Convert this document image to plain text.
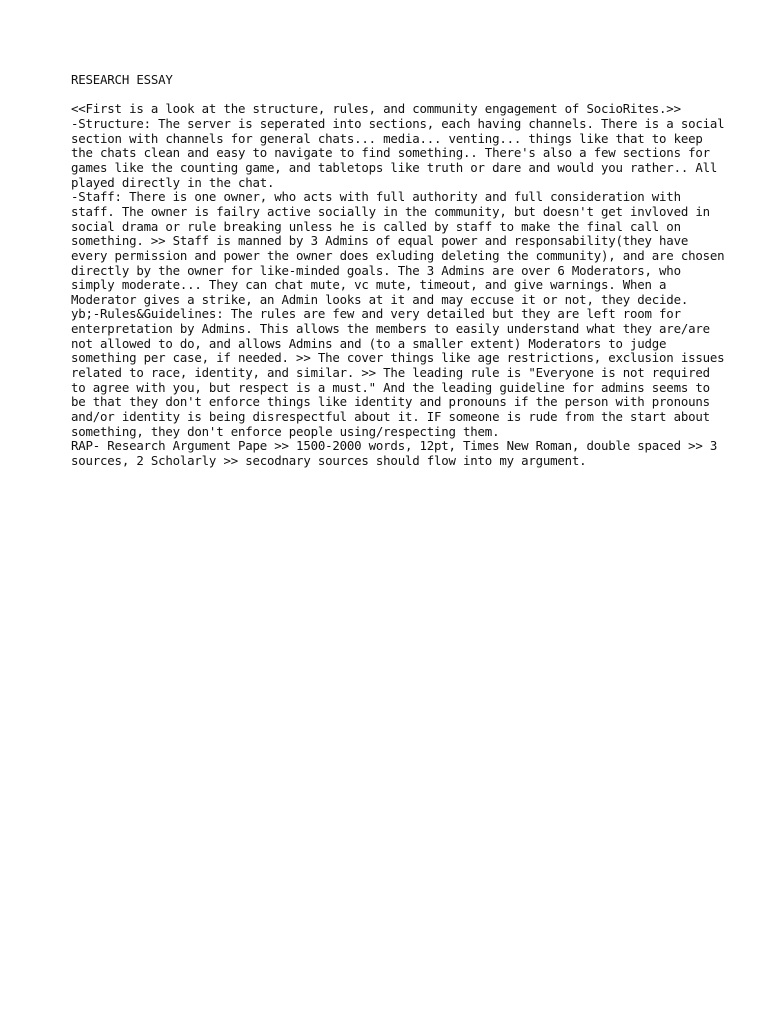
RESEARCH ESSAY

<<First is a look at the structure, rules, and community engagement of SocioRites.>>

-Structure: The server is seperated into sections, each having channels. There is a social section with channels for general chats... media... venting... things like that to keep the chats clean and easy to navigate to find something.. There's also a few sections for games like the counting game, and tabletops like truth or dare and would you rather.. All played directly in the chat.

-Staff: There is one owner, who acts with full authority and full consideration with staff. The owner is failry active socially in the community, but doesn't get invloved in social drama or rule breaking unless he is called by staff to make the final call on something. >> Staff is manned by 3 Admins of equal power and responsability(they have every permission and power the owner does exluding deleting the community), and are chosen directly by the owner for like-minded goals. The 3 Admins are over 6 Moderators, who simply moderate... They can chat mute, vc mute, timeout, and give warnings. When a Moderator gives a strike, an Admin looks at it and may eccuse it or not, they decide.

yb;-Rules&Guidelines: The rules are few and very detailed but they are left room for enterpretation by Admins. This allows the members to easily understand what they are/are not allowed to do, and allows Admins and (to a smaller extent) Moderators to judge something per case, if needed. >> The cover things like age restrictions, exclusion issues related to race, identity, and similar. >> The leading rule is "Everyone is not required to agree with you, but respect is a must." And the leading guideline for admins seems to be that they don't enforce things like identity and pronouns if the person with pronouns and/or identity is being disrespectful about it. IF someone is rude from the start about something, they don't enforce people using/respecting them.

RAP- Research Argument Pape >> 1500-2000 words, 12pt, Times New Roman, double spaced >> 3 sources, 2 Scholarly >> secodnary sources should flow into my argument.
